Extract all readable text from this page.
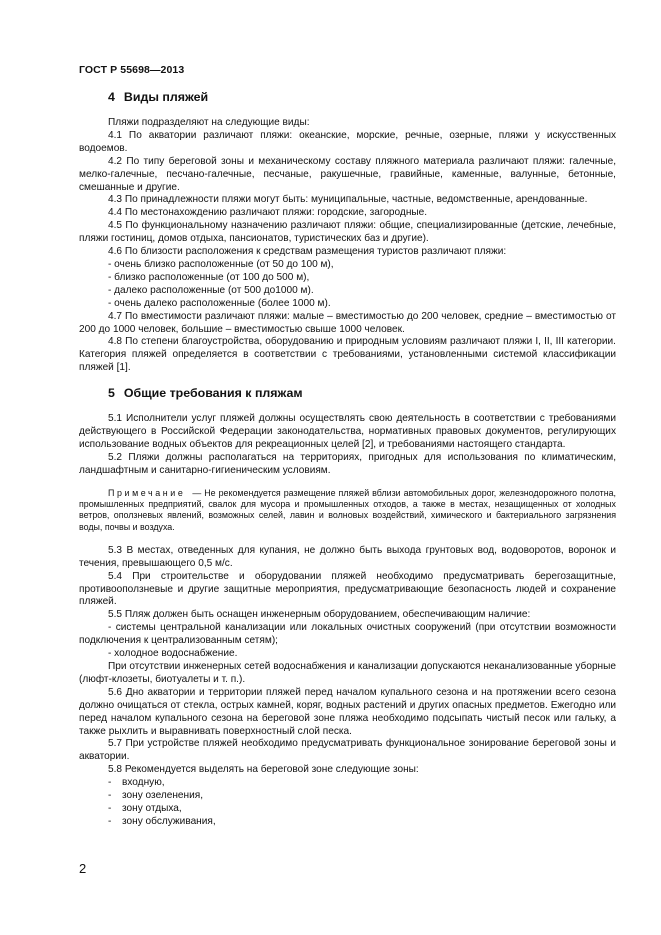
ГОСТ Р 55698—2013
4 Виды пляжей

Пляжи подразделяют на следующие виды:

4.1 По акватории различают пляжи: океанские, морские, речные, озерные, пляжи у искусственных водоемов.

4.2 По типу береговой зоны и механическому составу пляжного материала различают пляжи: галечные, мелко-галечные, песчано-галечные, песчаные, ракушечные, гравийные, каменные, валунные, бетонные, смешанные и другие.

4.3 По принадлежности пляжи могут быть: муниципальные, частные, ведомственные, арендованные.

4.4 По местонахождению различают пляжи: городские, загородные.

4.5 По функциональному назначению различают пляжи: общие, специализированные (детские, лечебные, пляжи гостиниц, домов отдыха, пансионатов, туристических баз и другие).

4.6 По близости расположения к средствам размещения туристов различают пляжи:

- очень близко расположенные (от 50 до 100 м),

- близко расположенные (от 100 до 500 м),

- далеко расположенные (от 500 до1000 м).

- очень далеко расположенные (более 1000 м).

4.7 По вместимости различают пляжи: малые – вместимостью до 200 человек, средние – вместимостью от 200 до 1000 человек, большие – вместимостью свыше 1000 человек.

4.8 По степени благоустройства, оборудованию и природным условиям различают пляжи I, II, III категории. Категория пляжей определяется в соответствии с требованиями, установленными системой классификации пляжей [1].

5 Общие требования к пляжам

5.1 Исполнители услуг пляжей должны осуществлять свою деятельность в соответствии с требованиями действующего в Российской Федерации законодательства, нормативных правовых документов, регулирующих использование водных объектов для рекреационных целей [2], и требованиями настоящего стандарта.

5.2 Пляжи должны располагаться на территориях, пригодных для использования по климатическим, ландшафтным и санитарно-гигиеническим условиям.

Примечание — Не рекомендуется размещение пляжей вблизи автомобильных дорог, железнодорожного полотна, промышленных предприятий, свалок для мусора и промышленных отходов, а также в местах, незащищенных от холодных ветров, оползневых явлений, возможных селей, лавин и волновых воздействий, химического и бактериального загрязнения воды, почвы и воздуха.

5.3 В местах, отведенных для купания, не должно быть выхода грунтовых вод, водоворотов, воронок и течения, превышающего 0,5 м/с.

5.4 При строительстве и оборудовании пляжей необходимо предусматривать берегозащитные, противооползневые и другие защитные мероприятия, предусматривающие безопасность людей и сохранение пляжей.

5.5 Пляж должен быть оснащен инженерным оборудованием, обеспечивающим наличие:

- системы центральной канализации или локальных очистных сооружений (при отсутствии возможности подключения к централизованным сетям);

- холодное водоснабжение.

При отсутствии инженерных сетей водоснабжения и канализации допускаются неканализованные уборные (люфт-клозеты, биотуалеты и т. п.).

5.6 Дно акватории и территории пляжей перед началом купального сезона и на протяжении всего сезона должно очищаться от стекла, острых камней, коряг, водных растений и других опасных предметов. Ежегодно или перед началом купального сезона на береговой зоне пляжа необходимо подсыпать чистый песок или гальку, а также рыхлить и выравнивать поверхностный слой песка.

5.7 При устройстве пляжей необходимо предусматривать функциональное зонирование береговой зоны и акватории.

5.8 Рекомендуется выделять на береговой зоне следующие зоны:

- входную,
- зону озеленения,
- зону отдыха,
- зону обслуживания,
2
